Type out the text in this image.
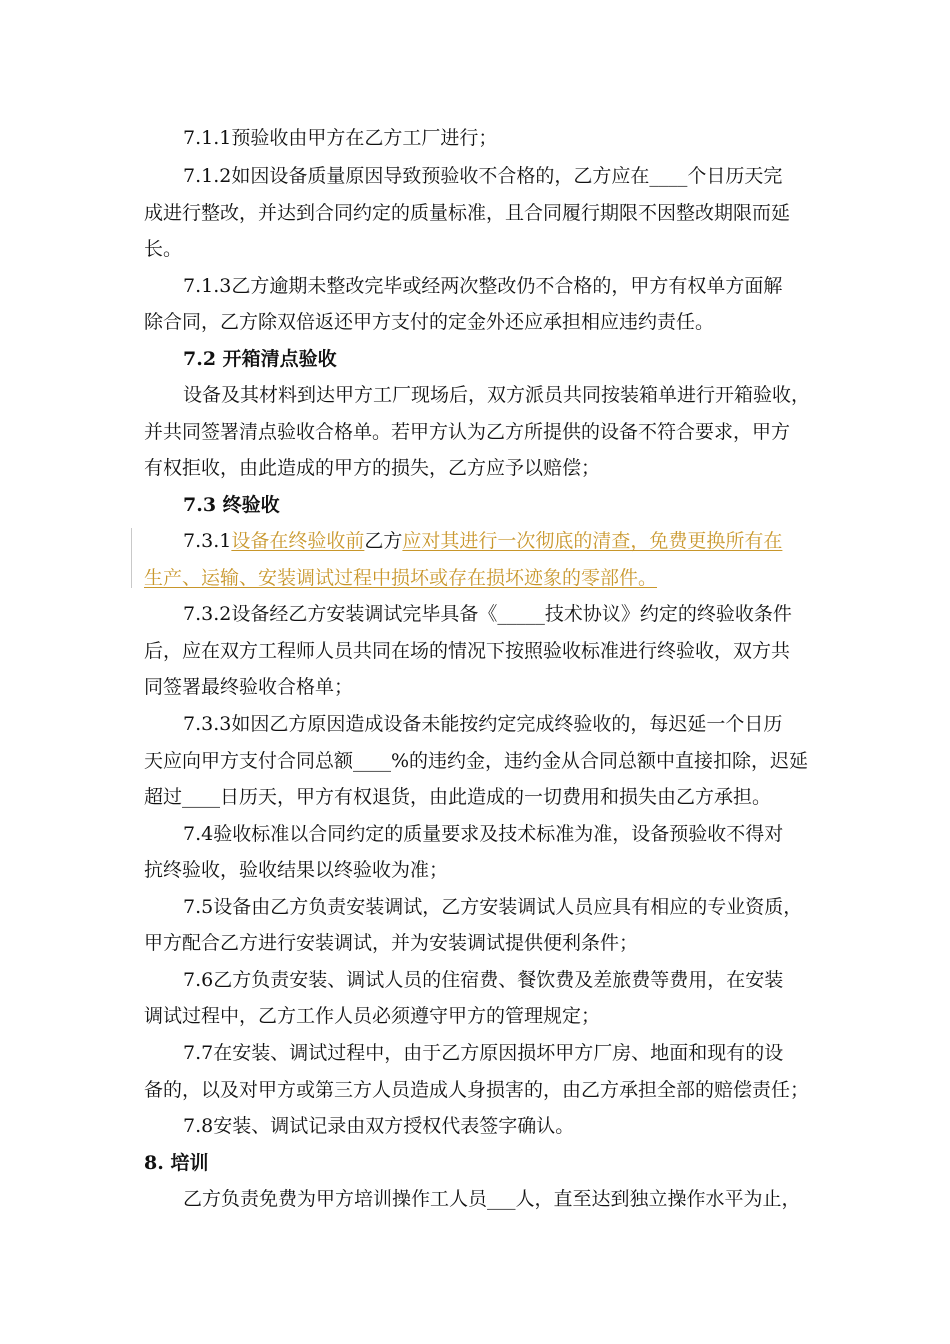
7.1.1预验收由甲方在乙方工厂进行；
7.1.2如因设备质量原因导致预验收不合格的，乙方应在____个日历天完
成进行整改，并达到合同约定的质量标准，且合同履行期限不因整改期限而延
长。
7.1.3乙方逾期未整改完毕或经两次整改仍不合格的，甲方有权单方面解
除合同，乙方除双倍返还甲方支付的定金外还应承担相应违约责任。
7.2 开箱清点验收
设备及其材料到达甲方工厂现场后，双方派员共同按装箱单进行开箱验收，
并共同签署清点验收合格单。若甲方认为乙方所提供的设备不符合要求，甲方
有权拒收，由此造成的甲方的损失，乙方应予以赔偿；
7.3 终验收
7.3.1设备在终验收前乙方应对其进行一次彻底的清查，免费更换所有在
生产、运输、安装调试过程中损坏或存在损坏迹象的零部件。
7.3.2设备经乙方安装调试完毕具备《_____技术协议》约定的终验收条件
后，应在双方工程师人员共同在场的情况下按照验收标准进行终验收，双方共
同签署最终验收合格单；
7.3.3如因乙方原因造成设备未能按约定完成终验收的，每迟延一个日历
天应向甲方支付合同总额____%的违约金，违约金从合同总额中直接扣除，迟延
超过____日历天，甲方有权退货，由此造成的一切费用和损失由乙方承担。
7.4验收标准以合同约定的质量要求及技术标准为准，设备预验收不得对
抗终验收，验收结果以终验收为准；
7.5设备由乙方负责安装调试，乙方安装调试人员应具有相应的专业资质，
甲方配合乙方进行安装调试，并为安装调试提供便利条件；
7.6乙方负责安装、调试人员的住宿费、餐饮费及差旅费等费用，在安装
调试过程中，乙方工作人员必须遵守甲方的管理规定；
7.7在安装、调试过程中，由于乙方原因损坏甲方厂房、地面和现有的设
备的，以及对甲方或第三方人员造成人身损害的，由乙方承担全部的赔偿责任；
7.8安装、调试记录由双方授权代表签字确认。
8. 培训
乙方负责免费为甲方培训操作工人员___人，直至达到独立操作水平为止，
